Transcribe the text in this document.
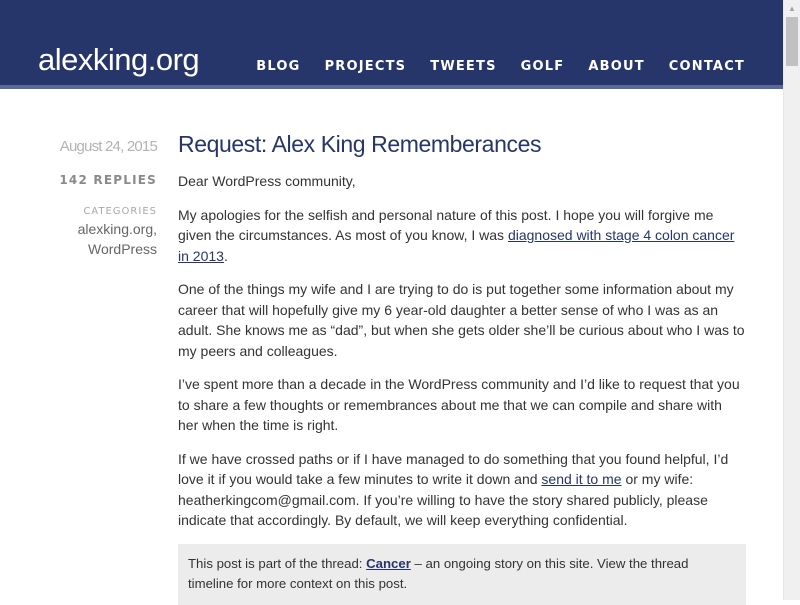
alexking.org	BLOG PROJECTS TWEETS GOLF ABOUT CONTACT
August 24, 2015
142 REPLIES
CATEGORIES
alexking.org,
WordPress
Request: Alex King Rememberances

Dear WordPress community,

My apologies for the selfish and personal nature of this post. I hope you will forgive me given the circumstances. As most of you know, I was diagnosed with stage 4 colon cancer in 2013.

One of the things my wife and I are trying to do is put together some information about my career that will hopefully give my 6 year-old daughter a better sense of who I was as an adult. She knows me as “dad”, but when she gets older she’ll be curious about who I was to my peers and colleagues.

I’ve spent more than a decade in the WordPress community and I’d like to request that you to share a few thoughts or remembrances about me that we can compile and share with her when the time is right.

If we have crossed paths or if I have managed to do something that you found helpful, I’d love it if you would take a few minutes to write it down and send it to me or my wife: heatherkingcom@gmail.com. If you’re willing to have the story shared publicly, please indicate that accordingly. By default, we will keep everything confidential.

This post is part of the thread: Cancer – an ongoing story on this site. View the thread timeline for more context on this post.
▲
